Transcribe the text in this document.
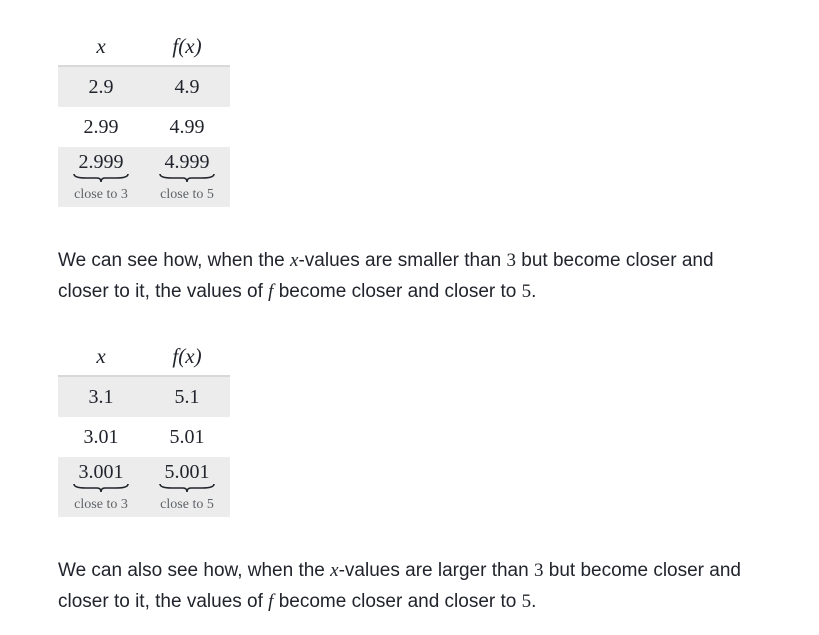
x	f(x)
2.9	4.9
2.99	4.99
2.999 4.999
close to 3	close to 5

We can see how, when the x-values are smaller than 3 but become closer and closer to it, the values of f become closer and closer to 5.

x	f(x)
3.1	5.1
3.01	5.01
3.001 5.001
close to 3	close to 5

We can also see how, when the x-values are larger than 3 but become closer and closer to it, the values of f become closer and closer to 5.
